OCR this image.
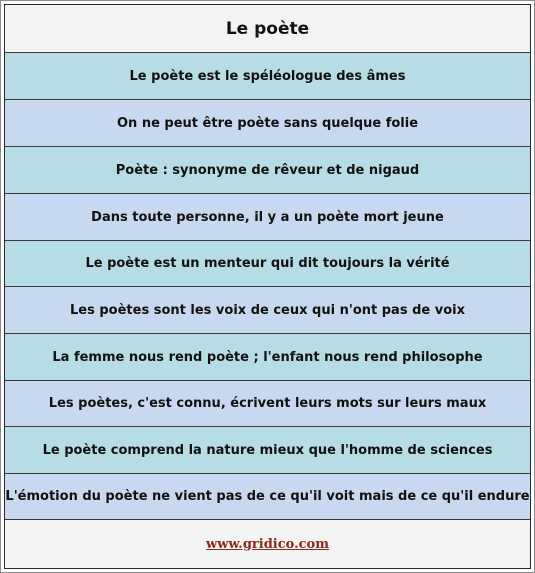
Le poète
Le poète est le spéléologue des âmes
On ne peut être poète sans quelque folie
Poète : synonyme de rêveur et de nigaud
Dans toute personne, il y a un poète mort jeune
Le poète est un menteur qui dit toujours la vérité
Les poètes sont les voix de ceux qui n'ont pas de voix
La femme nous rend poète ; l'enfant nous rend philosophe
Les poètes, c'est connu, écrivent leurs mots sur leurs maux
Le poète comprend la nature mieux que l'homme de sciences
L'émotion du poète ne vient pas de ce qu'il voit mais de ce qu'il endure
www.gridico.com
